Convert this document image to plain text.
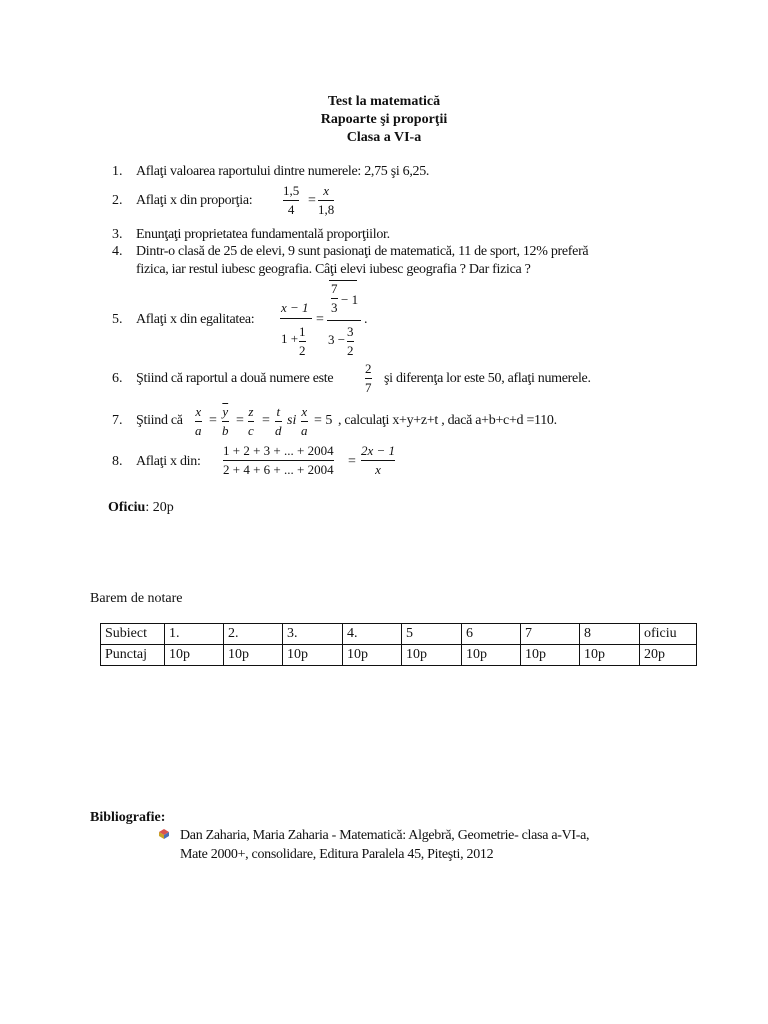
Test la matematică
Rapoarte şi proporţii
Clasa a VI-a
1. Aflaţi valoarea raportului dintre numerele: 2,75 şi 6,25.
2. Aflaţi x din proporţia:
1,5
4
=
x
1,8
3. Enunţaţi proprietatea fundamentală proporţiilor.
4. Dintr-o clasă de 25 de elevi, 9 sunt pasionaţi de matematică, 11 de sport, 12% preferă
fizica, iar restul iubesc geografia. Câţi elevi iubesc geografia ? Dar fizica ?
5. Aflaţi x din egalitatea:
x − 1
1 + 1
2
=
7
3
− 1
3 −
3
2
.
6. Ştiind că raportul a două numere este
2
7
şi diferenţa lor este 50, aflaţi numerele.
7. Ştiind că
x
a
=
$\overline{y}$
b
=
z
c
=
t
d
si
x
a
= 5 , calculaţi x+y+z+t , dacă a+b+c+d =110.
8. Aflaţi x din:
1 + 2 + 3 + ... + 2004
2 + 4 + 6 + ... + 2004
=
2x − 1
x
Oficiu: 20p
Barem de notare
Subiect	1.	2.	3.	4.	5	6	7	8	oficiu
Punctaj	10p	10p	10p	10p	10p	10p	10p	10p	20p
Bibliografie:
Dan Zaharia, Maria Zaharia - Matematică: Algebră, Geometrie- clasa a-VI-a,
Mate 2000+, consolidare, Editura Paralela 45, Piteşti, 2012
